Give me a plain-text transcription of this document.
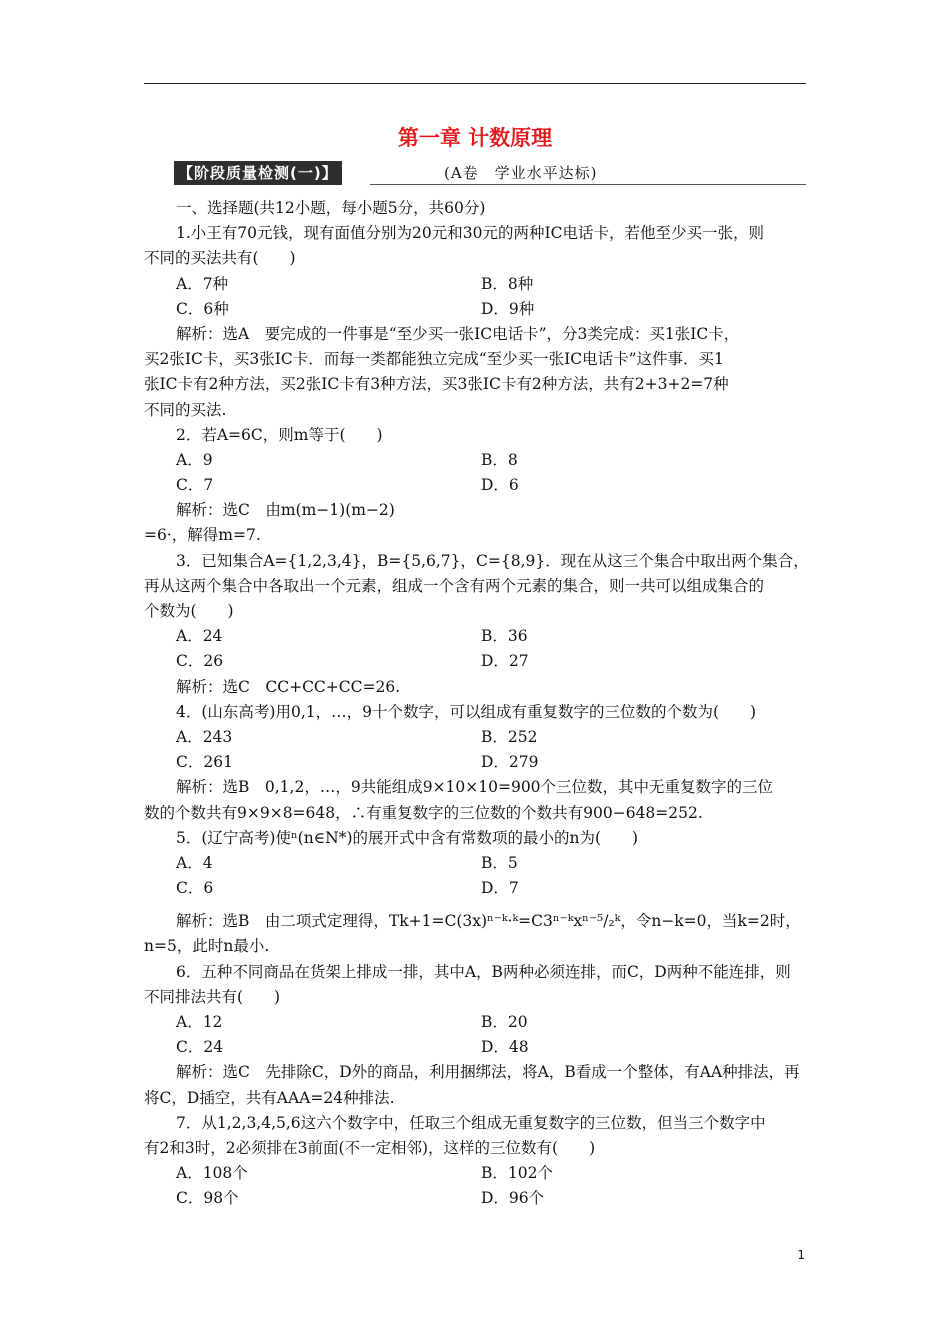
第一章 计数原理
【阶段质量检测(一)】	(A卷　学业水平达标)
一、选择题(共12小题，每小题5分，共60分)
1.小王有70元钱，现有面值分别为20元和30元的两种IC电话卡，若他至少买一张，则
不同的买法共有(　　)
A．7种	B．8种
C．6种	D．9种
解析：选A　要完成的一件事是“至少买一张IC电话卡”，分3类完成：买1张IC卡，
买2张IC卡，买3张IC卡．而每一类都能独立完成“至少买一张IC电话卡”这件事．买1
张IC卡有2种方法，买2张IC卡有3种方法，买3张IC卡有2种方法，共有2+3+2=7种
不同的买法.
2．若A=6C，则m等于(　　)
A．9	B．8
C．7	D．6
解析：选C　由m(m−1)(m−2)
=6·，解得m=7.
3．已知集合A={1,2,3,4}，B={5,6,7}，C={8,9}．现在从这三个集合中取出两个集合，
再从这两个集合中各取出一个元素，组成一个含有两个元素的集合，则一共可以组成集合的
个数为(　　)
A．24	B．36
C．26	D．27
解析：选C　CC+CC+CC=26.
4．(山东高考)用0,1，…，9十个数字，可以组成有重复数字的三位数的个数为(　　)
A．243	B．252
C．261	D．279
解析：选B　0,1,2，…，9共能组成9×10×10=900个三位数，其中无重复数字的三位
数的个数共有9×9×8=648，∴有重复数字的三位数的个数共有900−648=252.
5．(辽宁高考)使ⁿ(n∈N*)的展开式中含有常数项的最小的n为(　　)
A．4	B．5
C．6	D．7
解析：选B　由二项式定理得，Tk+1=C(3x)ⁿ⁻ᵏ·ᵏ=C3ⁿ⁻ᵏxⁿ⁻⁵/₂ᵏ，令n−k=0，当k=2时，
n=5，此时n最小.
6．五种不同商品在货架上排成一排，其中A，B两种必须连排，而C，D两种不能连排，则
不同排法共有(　　)
A．12	B．20
C．24	D．48
解析：选C　先排除C，D外的商品，利用捆绑法，将A，B看成一个整体，有AA种排法，再
将C，D插空，共有AAA=24种排法.
7．从1,2,3,4,5,6这六个数字中，任取三个组成无重复数字的三位数，但当三个数字中
有2和3时，2必须排在3前面(不一定相邻)，这样的三位数有(　　)
A．108个	B．102个
C．98个	D．96个
1
